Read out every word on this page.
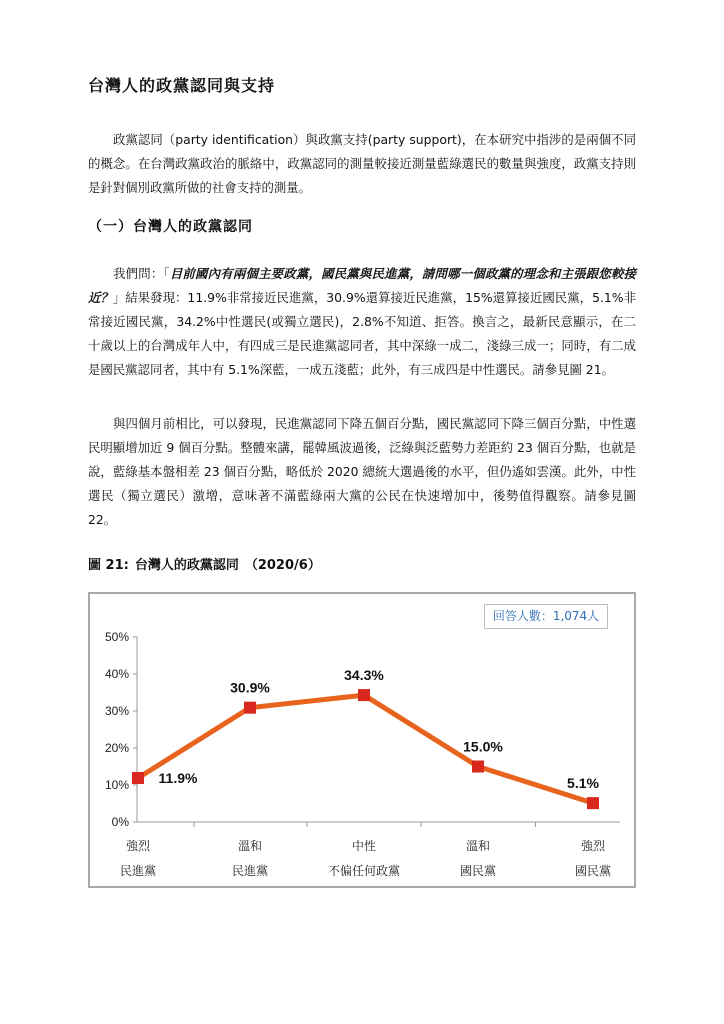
台灣人的政黨認同與支持
政黨認同（party identification）與政黨支持(party support)，在本研究中指涉的是兩個不同的概念。在台灣政黨政治的脈絡中，政黨認同的測量較接近測量藍綠選民的數量與強度，政黨支持則是針對個別政黨所做的社會支持的測量。
（一）台灣人的政黨認同
我們問：「目前國內有兩個主要政黨，國民黨與民進黨，請問哪一個政黨的理念和主張跟您較接近？」結果發現：11.9%非常接近民進黨，30.9%還算接近民進黨，15%還算接近國民黨，5.1%非常接近國民黨，34.2%中性選民(或獨立選民)，2.8%不知道、拒答。換言之，最新民意顯示，在二十歲以上的台灣成年人中，有四成三是民進黨認同者，其中深綠一成二，淺綠三成一；同時，有二成是國民黨認同者，其中有 5.1%深藍，一成五淺藍；此外，有三成四是中性選民。請參見圖 21。
與四個月前相比，可以發現，民進黨認同下降五個百分點，國民黨認同下降三個百分點，中性選民明顯增加近 9 個百分點。整體來講，罷韓風波過後，泛綠與泛藍勢力差距約 23 個百分點，也就是說，藍綠基本盤相差 23 個百分點，略低於 2020 總統大選過後的水平，但仍遙如雲漢。此外，中性選民（獨立選民）激增，意味著不滿藍綠兩大黨的公民在快速增加中，後勢值得觀察。請參見圖 22。
圖 21: 台灣人的政黨認同 （2020/6）
0%
10%
20%
30%
40%
50%
強烈
民進黨
溫和
民進黨
中性
不偏任何政黨
溫和
國民黨
強烈
國民黨
11.9%
30.9%
34.3%
15.0%
5.1%
回答人數：1,074人
